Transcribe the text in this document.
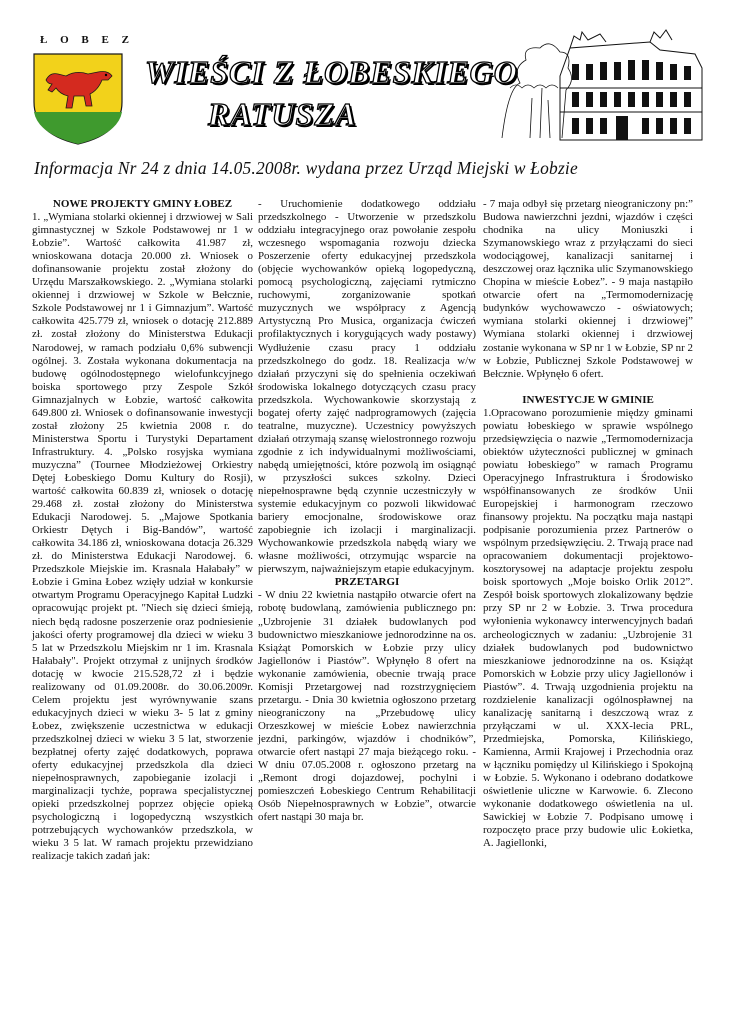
Ł O B E Z
WIEŚCI Z ŁOBESKIEGO
RATUSZA
Informacja Nr 24 z dnia 14.05.2008r. wydana przez Urząd Miejski w Łobzie
NOWE PROJEKTY GMINY ŁOBEZ

1. „Wymiana stolarki okiennej i drzwiowej w Sali gimnastycznej w Szkole Podstawowej nr 1 w Łobzie”. Wartość całkowita 41.987 zł, wnioskowana dotacja 20.000 zł. Wniosek o dofinansowanie projektu został złożony do Urzędu Marszałkowskiego. 2. „Wymiana stolarki okiennej i drzwiowej w Szkole w Bełcznie, Szkole Podstawowej nr 1 i Gimnazjum”. Wartość całkowita 425.779 zł, wniosek o dotację 212.889 zł. został złożony do Ministerstwa Edukacji Narodowej, w ramach podziału 0,6% subwencji ogólnej. 3. Została wykonana dokumentacja na budowę ogólnodostępnego wielofunkcyjnego boiska sportowego przy Zespole Szkół Gimnazjalnych w Łobzie, wartość całkowita 649.800 zł. Wniosek o dofinansowanie inwestycji został złożony 25 kwietnia 2008 r. do Ministerstwa Sportu i Turystyki Departament Infrastruktury. 4. „Polsko rosyjska wymiana muzyczna” (Tournee Młodzieżowej Orkiestry Dętej Łobeskiego Domu Kultury do Rosji), wartość całkowita 60.839 zł, wniosek o dotację 29.468 zł. został złożony do Ministerstwa Edukacji Narodowej. 5. „Majowe Spotkania Orkiestr Dętych i Big-Bandów”, wartość całkowita 34.186 zł, wnioskowana dotacja 26.329 zł. do Ministerstwa Edukacji Narodowej. 6. Przedszkole Miejskie im. Krasnala Hałabały” w Łobzie i Gmina Łobez wzięły udział w konkursie otwartym Programu Operacyjnego Kapitał Ludzki opracowując projekt pt. "Niech się dzieci śmieją, niech będą radosne poszerzenie oraz podniesienie jakości oferty programowej dla dzieci w wieku 3 5 lat w Przedszkolu Miejskim nr 1 im. Krasnala Hałabały". Projekt otrzymał z unijnych środków dotację w kwocie 215.528,72 zł i będzie realizowany od 01.09.2008r. do 30.06.2009r. Celem projektu jest wyrównywanie szans edukacyjnych dzieci w wieku 3- 5 lat z gminy Łobez, zwiększenie uczestnictwa w edukacji przedszkolnej dzieci w wieku 3 5 lat, stworzenie bezpłatnej oferty zajęć dodatkowych, poprawa oferty edukacyjnej przedszkola dla dzieci niepełnosprawnych, zapobieganie izolacji i marginalizacji tychże, poprawa specjalistycznej opieki przedszkolnej poprzez objęcie opieką psychologiczną i logopedyczną wszystkich potrzebujących wychowanków przedszkola, w wieku 3 5 lat. W ramach projektu przewidziano realizacje takich zadań jak:

- Uruchomienie dodatkowego oddziału przedszkolnego - Utworzenie w przedszkolu oddziału integracyjnego oraz powołanie zespołu wczesnego wspomagania rozwoju dziecka Poszerzenie oferty edukacyjnej przedszkola (objęcie wychowanków opieką logopedyczną, pomocą psychologiczną, zajęciami rytmiczno ruchowymi, zorganizowanie spotkań muzycznych we współpracy z Agencją Artystyczną Pro Musica, organizacja ćwiczeń profilaktycznych i korygujących wady postawy) Wydłużenie czasu pracy 1 oddziału przedszkolnego do godz. 18. Realizacja w/w działań przyczyni się do spełnienia oczekiwań środowiska lokalnego dotyczących czasu pracy przedszkola. Wychowankowie skorzystają z bogatej oferty zajęć nadprogramowych (zajęcia teatralne, muzyczne). Uczestnicy powyższych działań otrzymają szansę wielostronnego rozwoju zgodnie z ich indywidualnymi możliwościami, nabędą umiejętności, które pozwolą im osiągnąć w przyszłości sukces szkolny. Dzieci niepełnosprawne będą czynnie uczestniczyły w systemie edukacyjnym co pozwoli likwidować bariery emocjonalne, środowiskowe oraz zapobiegnie ich izolacji i marginalizacji. Wychowankowie przedszkola nabędą wiary we własne możliwości, otrzymując wsparcie na pierwszym, najważniejszym etapie edukacyjnym.

PRZETARGI

- W dniu 22 kwietnia nastąpiło otwarcie ofert na robotę budowlaną, zamówienia publicznego pn: „Uzbrojenie 31 działek budowlanych pod budownictwo mieszkaniowe jednorodzinne na os. Książąt Pomorskich w Łobzie przy ulicy Jagiellonów i Piastów”. Wpłynęło 8 ofert na wykonanie zamówienia, obecnie trwają prace Komisji Przetargowej nad rozstrzygnięciem przetargu. - Dnia 30 kwietnia ogłoszono przetarg nieograniczony na „Przebudowę ulicy Orzeszkowej w mieście Łobez nawierzchnia jezdni, parkingów, wjazdów i chodników”, otwarcie ofert nastąpi 27 maja bieżącego roku. - W dniu 07.05.2008 r. ogłoszono przetarg na „Remont drogi dojazdowej, pochylni i pomieszczeń Łobeskiego Centrum Rehabilitacji Osób Niepełnosprawnych w Łobzie”, otwarcie ofert nastąpi 30 maja br.

- 7 maja odbył się przetarg nieograniczony pn:” Budowa nawierzchni jezdni, wjazdów i części chodnika na ulicy Moniuszki i Szymanowskiego wraz z przyłączami do sieci wodociągowej, kanalizacji sanitarnej i deszczowej oraz łącznika ulic Szymanowskiego Chopina w mieście Łobez”. - 9 maja nastąpiło otwarcie ofert na „Termomodernizację budynków wychowawczo - oświatowych; wymiana stolarki okiennej i drzwiowej” Wymiana stolarki okiennej i drzwiowej zostanie wykonana w SP nr 1 w Łobzie, SP nr 2 w Łobzie, Publicznej Szkole Podstawowej w Bełcznie. Wpłynęło 6 ofert.

INWESTYCJE W GMINIE

1.Opracowano porozumienie między gminami powiatu łobeskiego w sprawie wspólnego przedsięwzięcia o nazwie „Termomodernizacja obiektów użyteczności publicznej w gminach powiatu łobeskiego” w ramach Programu Operacyjnego Infrastruktura i Środowisko współfinansowanych ze środków Unii Europejskiej i harmonogram rzeczowo finansowy projektu. Na początku maja nastąpi podpisanie porozumienia przez Partnerów o wspólnym przedsięwzięciu. 2. Trwają prace nad opracowaniem dokumentacji projektowo-kosztorysowej na adaptacje projektu zespołu boisk sportowych „Moje boisko Orlik 2012”. Zespół boisk sportowych zlokalizowany będzie przy SP nr 2 w Łobzie. 3. Trwa procedura wyłonienia wykonawcy interwencyjnych badań archeologicznych w zadaniu: „Uzbrojenie 31 działek budowlanych pod budownictwo mieszkaniowe jednorodzinne na os. Książąt Pomorskich w Łobzie przy ulicy Jagiellonów i Piastów”. 4. Trwają uzgodnienia projektu na rozdzielenie kanalizacji ogólnospławnej na kanalizację sanitarną i deszczową wraz z przyłączami w ul. XXX-lecia PRL, Przedmiejska, Pomorska, Kilińskiego, Kamienna, Armii Krajowej i Przechodnia oraz w łączniku pomiędzy ul Kilińskiego i Spokojną w Łobzie. 5. Wykonano i odebrano dodatkowe oświetlenie uliczne w Karwowie. 6. Zlecono wykonanie dodatkowego oświetlenia na ul. Sawickiej w Łobzie 7. Podpisano umowę i rozpoczęto prace przy budowie ulic Łokietka, A. Jagiellonki,
